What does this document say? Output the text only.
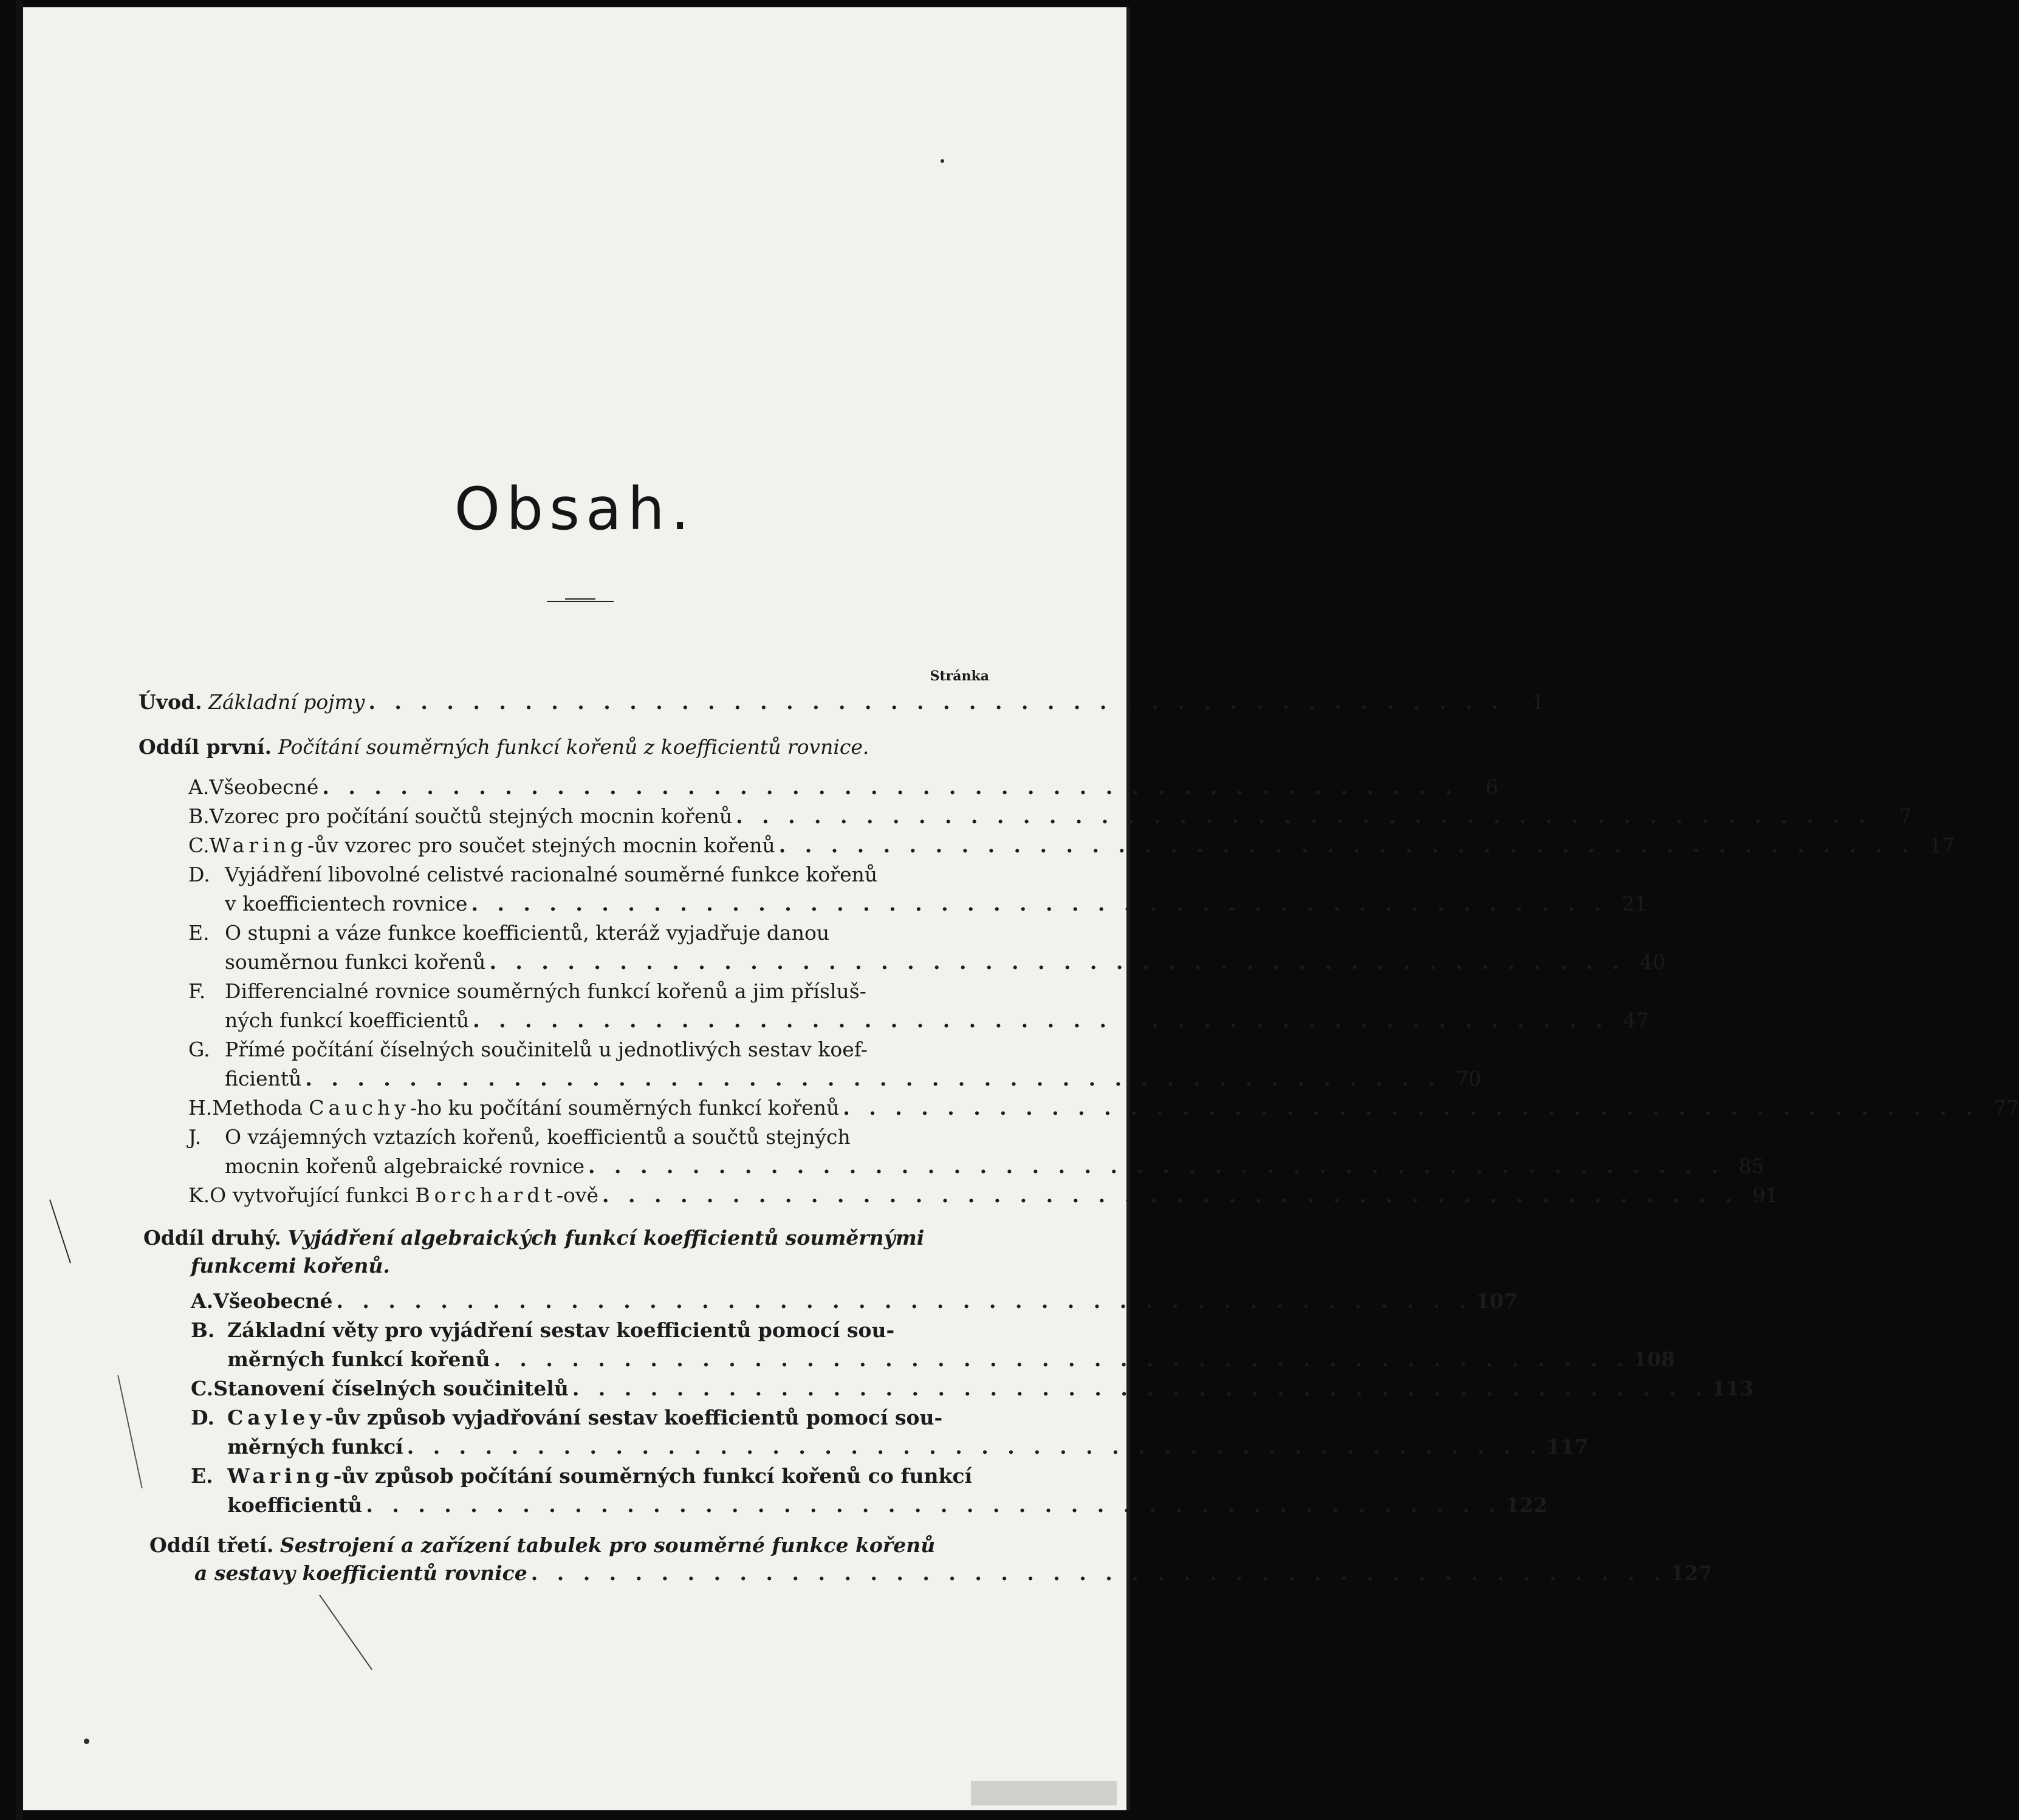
Obsah.
Stránka
Úvod.
Základní pojmy . . . . . . . . . . . . . . . . . . . . . . . . . . . . . . . . . . . . . . . . . . . .	1
Oddíl první.
Počítání souměrných funkcí kořenů z koefficientů rovnice.
A. Všeobecné . . . . . . . . . . . . . . . . . . . . . . . . . . . . . . . . . . . . . . . . . . . .	6
B. Vzorec pro počítání součtů stejných mocnin kořenů . . . . . . . . . . . . . . . . . . . . . . . . . . . . . . . . . . . . . . . . . . . .	7
C. Waring -ův vzorec pro součet stejných mocnin kořenů . . . . . . . . . . . . . . . . . . . . . . . . . . . . . . . . . . . . . . . . . . . . 17
D. Vyjádření libovolné celistvé racionalné souměrné funkce kořenů
v koefficientech rovnice . . . . . . . . . . . . . . . . . . . . . . . . . . . . . . . . . . . . . . . . . . . . 21
E. O stupni a váze funkce koefficientů, kteráž vyjadřuje danou
souměrnou funkci kořenů . . . . . . . . . . . . . . . . . . . . . . . . . . . . . . . . . . . . . . . . . . . . 40
F. Differencialné rovnice souměrných funkcí kořenů a jim přísluš-
ných funkcí koefficientů . . . . . . . . . . . . . . . . . . . . . . . . . . . . . . . . . . . . . . . . . . . . 47
G. Přímé počítání číselných součinitelů u jednotlivých sestav koef-
ficientů . . . . . . . . . . . . . . . . . . . . . . . . . . . . . . . . . . . . . . . . . . . . 70
H. Methoda Cauchy -ho ku počítání souměrných funkcí kořenů . . . . . . . . . . . . . . . . . . . . . . . . . . . . . . . . . . . . . . . . . . . . 77
J.	O vzájemných vztazích kořenů, koefficientů a součtů stejných
mocnin kořenů algebraické rovnice . . . . . . . . . . . . . . . . . . . . . . . . . . . . . . . . . . . . . . . . . . . . 85
K. O vytvořující funkci Borchardt -ově . . . . . . . . . . . . . . . . . . . . . . . . . . . . . . . . . . . . . . . . . . . . 91
Oddíl druhý.
Vyjádření algebraických funkcí koefficientů souměrnými
funkcemi kořenů.
A. Všeobecné . . . . . . . . . . . . . . . . . . . . . . . . . . . . . . . . . . . . . . . . . . . . 107
B. Základní věty pro vyjádření sestav koefficientů pomocí sou-
měrných funkcí kořenů . . . . . . . . . . . . . . . . . . . . . . . . . . . . . . . . . . . . . . . . . . . . 108
C. Stanovení číselných součinitelů . . . . . . . . . . . . . . . . . . . . . . . . . . . . . . . . . . . . . . . . . . . . 113
D. Cayley -ův způsob vyjadřování sestav koefficientů pomocí sou-
měrných funkcí . . . . . . . . . . . . . . . . . . . . . . . . . . . . . . . . . . . . . . . . . . . . 117
E. Waring -ův způsob počítání souměrných funkcí kořenů co funkcí
koefficientů . . . . . . . . . . . . . . . . . . . . . . . . . . . . . . . . . . . . . . . . . . . . 122
Oddíl třetí.
Sestrojení a zařízení tabulek pro souměrné funkce kořenů
a sestavy koefficientů rovnice . . . . . . . . . . . . . . . . . . . . . . . . . . . . . . . . . . . . . . . . . . . . 127
